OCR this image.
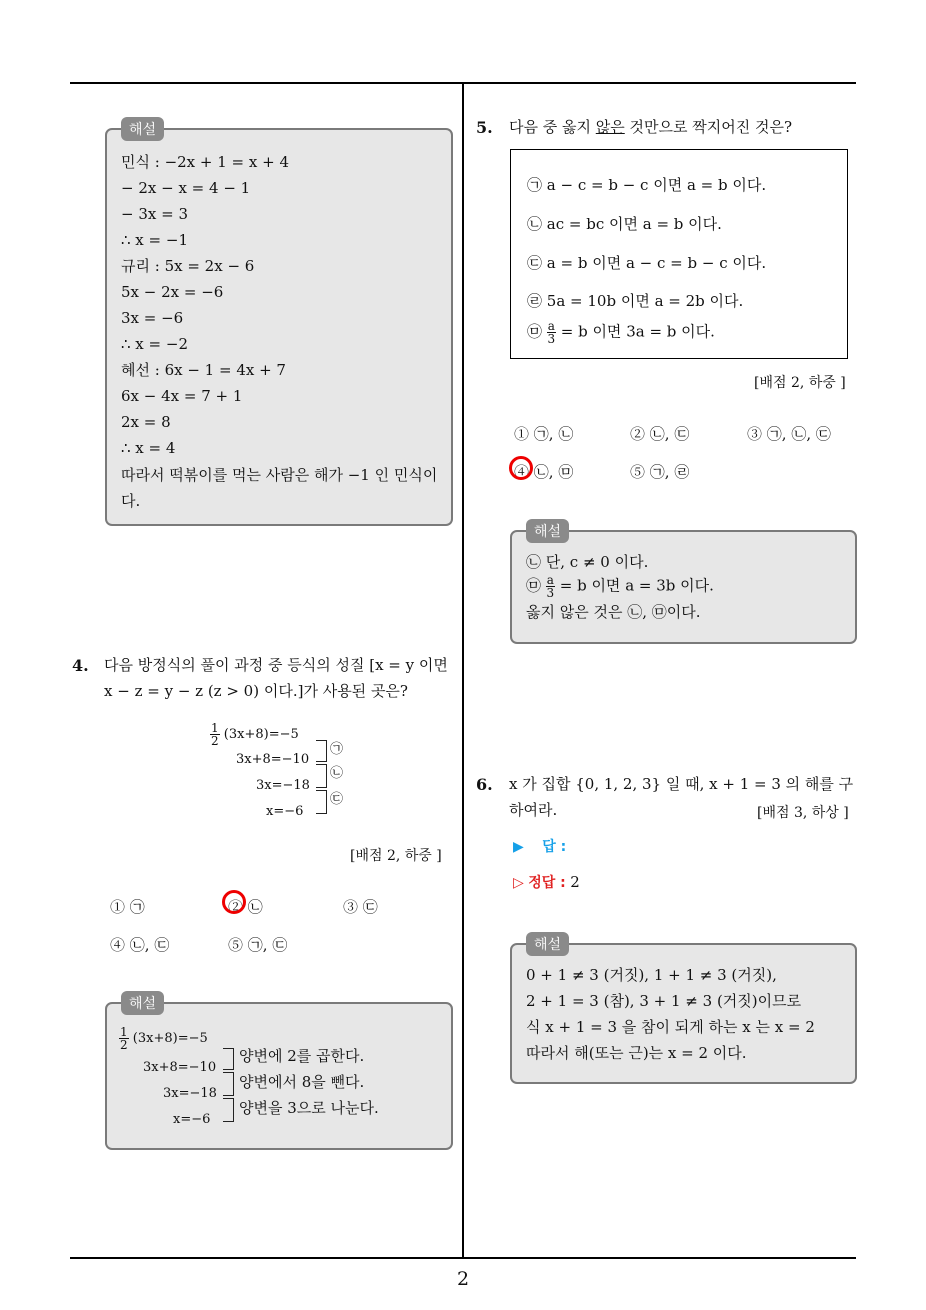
2
해설
민식 : −2x + 1 = x + 4
− 2x − x = 4 − 1
− 3x = 3
∴ x = −1
규리 : 5x = 2x − 6
5x − 2x = −6
3x = −6
∴ x = −2
혜선 : 6x − 1 = 4x + 7
6x − 4x = 7 + 1
2x = 8
∴ x = 4
따라서 떡볶이를 먹는 사람은 해가 −1 인 민식이 다.
4. 다음 방정식의 풀이 과정 중 등식의 성질 [x = y 이면 x − z = y − z (z > 0) 이다.]가 사용된 곳은?
$\frac{1}{2} (3x+8)=-5$
3x+8=−10
3x=−18
x=−6
㉠
㉡
㉢
[배점 2, 하중 ]
① ㉠	② ㉡	③ ㉢
④ ㉡, ㉢	⑤ ㉠, ㉢
해설
$\frac{1}{2} (3x+8)=-5$
3x+8=−10
3x=−18
x=−6
양변에 2를 곱한다.
양변에서 8을 뺀다.
양변을 3으로 나눈다.
5. 다음 중 옳지 않은 것만으로 짝지어진 것은?
㉠ a − c = b − c 이면 a = b 이다.
㉡ ac = bc 이면 a = b 이다.
㉢ a = b 이면 a − c = b − c 이다.
㉣ 5a = 10b 이면 a = 2b 이다.
㉤ $\frac{a}{3} = b$ 이면 3a = b 이다.
[배점 2, 하중 ]
① ㉠, ㉡	② ㉡, ㉢	③ ㉠, ㉡, ㉢
④ ㉡, ㉤	⑤ ㉠, ㉣
해설
㉡ 단, c ≠ 0 이다.
㉤ $\frac{a}{3} = b$ 이면 a = 3b 이다.
옳지 않은 것은 ㉡, ㉤이다.
6. x 가 집합 {0, 1, 2, 3} 일 때, x + 1 = 3 의 해를 구하여라.	[배점 3, 하상 ]
▶ 답 :
▷ 정답 : 2
해설
0 + 1 ≠ 3 (거짓), 1 + 1 ≠ 3 (거짓),
2 + 1 = 3 (참), 3 + 1 ≠ 3 (거짓)이므로
식 x + 1 = 3 을 참이 되게 하는 x 는 x = 2
따라서 해(또는 근)는 x = 2 이다.
